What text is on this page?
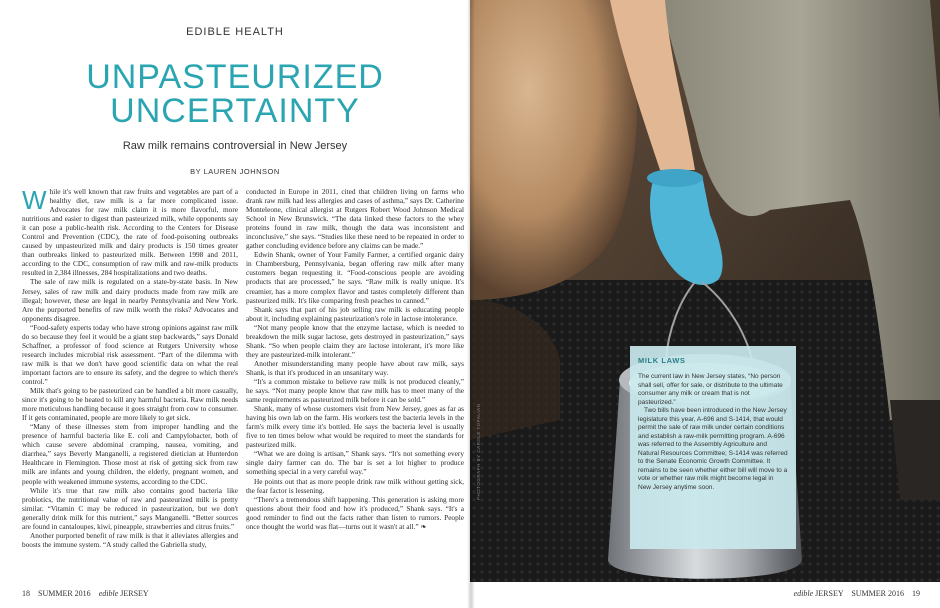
EDIBLE HEALTH
UNPASTEURIZED
UNCERTAINTY
Raw milk remains controversial in New Jersey
BY LAUREN JOHNSON

While it's well known that raw fruits and vegetables are part of a healthy diet, raw milk is a far more complicated issue. Advocates for raw milk claim it is more flavorful, more nutritious and easier to digest than pasteurized milk, while opponents say it can pose a public-health risk. According to the Centers for Disease Control and Prevention (CDC), the rate of food-poisoning outbreaks caused by unpasteurized milk and dairy products is 150 times greater than outbreaks linked to pasteurized milk. Between 1998 and 2011, according to the CDC, consumption of raw milk and raw-milk products resulted in 2,384 illnesses, 284 hospitalizations and two deaths.

The sale of raw milk is regulated on a state-by-state basis. In New Jersey, sales of raw milk and dairy products made from raw milk are illegal; however, these are legal in nearby Pennsylvania and New York. Are the purported benefits of raw milk worth the risks? Advocates and opponents disagree.

“Food-safety experts today who have strong opinions against raw milk do so because they feel it would be a giant step backwards,” says Donald Schaffner, a professor of food science at Rutgers University whose research includes microbial risk assessment. “Part of the dilemma with raw milk is that we don't have good scientific data on what the real important factors are to ensure its safety, and the degree to which there's control.”

Milk that's going to be pasteurized can be handled a bit more casually, since it's going to be heated to kill any harmful bacteria. Raw milk needs more meticulous handling because it goes straight from cow to consumer. If it gets contaminated, people are more likely to get sick.

“Many of these illnesses stem from improper handling and the presence of harmful bacteria like E. coli and Campylobacter, both of which cause severe abdominal cramping, nausea, vomiting, and diarrhea,” says Beverly Manganelli, a registered dietician at Hunterdon Healthcare in Flemington. Those most at risk of getting sick from raw milk are infants and young children, the elderly, pregnant women, and people with weakened immune systems, according to the CDC.

While it's true that raw milk also contains good bacteria like probiotics, the nutritional value of raw and pasteurized milk is pretty similar. “Vitamin C may be reduced in pasteurization, but we don't generally drink milk for this nutrient,” says Manganelli. “Better sources are found in cantaloupes, kiwi, pineapple, strawberries and citrus fruits.”

Another purported benefit of raw milk is that it alleviates allergies and boosts the immune system. “A study called the Gabriella study,

conducted in Europe in 2011, cited that children living on farms who drank raw milk had less allergies and cases of asthma,” says Dr. Catherine Monteleone, clinical allergist at Rutgers Robert Wood Johnson Medical School in New Brunswick. “The data linked these factors to the whey proteins found in raw milk, though the data was inconsistent and inconclusive,” she says. “Studies like these need to be repeated in order to gather concluding evidence before any claims can be made.”

Edwin Shank, owner of Your Family Farmer, a certified organic dairy in Chambersburg, Pennsylvania, began offering raw milk after many customers began requesting it. “Food-conscious people are avoiding products that are processed,” he says. “Raw milk is really unique. It's creamier, has a more complex flavor and tastes completely different than pasteurized milk. It's like comparing fresh peaches to canned.”

Shank says that part of his job selling raw milk is educating people about it, including explaining pasteurization's role in lactose intolerance.

“Not many people know that the enzyme lactase, which is needed to breakdown the milk sugar lactose, gets destroyed in pasteurization,” says Shank. “So when people claim they are lactose intolerant, it's more like they are pasteurized-milk intolerant.”

Another misunderstanding many people have about raw milk, says Shank, is that it's produced in an unsanitary way.

“It's a common mistake to believe raw milk is not produced cleanly,” he says. “Not many people know that raw milk has to meet many of the same requirements as pasteurized milk before it can be sold.”

Shank, many of whose customers visit from New Jersey, goes as far as having his own lab on the farm. His workers test the bacteria levels in the farm's milk every time it's bottled. He says the bacteria level is usually five to ten times below what would be required to meet the standards for pasteurized milk.

“What we are doing is artisan,” Shank says. “It's not something every single dairy farmer can do. The bar is set a lot higher to produce something special in a very careful way.”

He points out that as more people drink raw milk without getting sick, the fear factor is lessening.

“There's a tremendous shift happening. This generation is asking more questions about their food and how it's produced,” Shank says. “It's a good reminder to find out the facts rather than listen to rumors. People once thought the world was flat—turns out it wasn't at all.” ❧

18 SUMMER 2016 edible JERSEY
PHOTOGRAPH BY CAROLE TOPALIAN
MILK LAWS

The current law in New Jersey states, “No person shall sell, offer for sale, or distribute to the ultimate consumer any milk or cream that is not pasteurized.”

Two bills have been introduced in the New Jersey legislature this year, A-696 and S-1414, that would permit the sale of raw milk under certain conditions and establish a raw-milk permitting program. A-696 was referred to the Assembly Agriculture and Natural Resources Committee; S-1414 was referred to the Senate Economic Growth Committee. It remains to be seen whether either bill will move to a vote or whether raw milk might become legal in New Jersey anytime soon.

edible JERSEY SUMMER 2016 19
